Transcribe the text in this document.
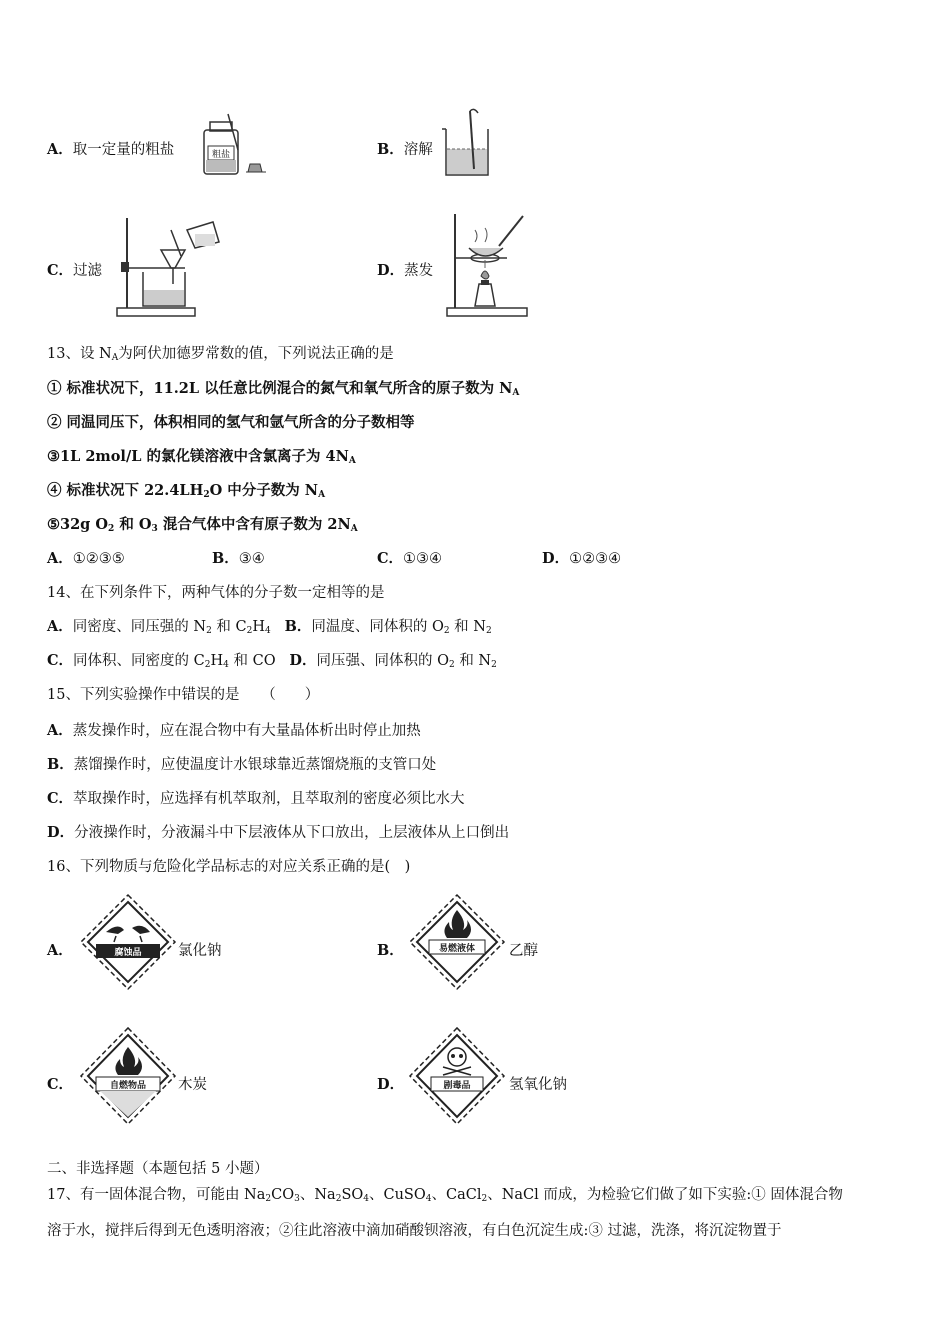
A．取一定量的粗盐	粗盐	B．溶解
C．过滤	D．蒸发
13、设 $N_A$为阿伏加德罗常数的值，下列说法正确的是
① 标准状况下，11.2L 以任意比例混合的氮气和氧气所含的原子数为 $N_A$
② 同温同压下，体积相同的氢气和氩气所含的分子数相等
③1L 2mol/L 的氯化镁溶液中含氯离子为 $4N_A$
④ 标准状况下 $22.4LH_2O$ 中分子数为 $N_A$
⑤32g $O_2$ 和 $O_3$ 混合气体中含有原子数为 $2N_A$
A．①②③⑤	B．③④	C．①③④	D．①②③④
14、在下列条件下，两种气体的分子数一定相等的是
A．同密度、同压强的 $N_2$ 和 $C_2H_4$ B．同温度、同体积的 $O_2$ 和 $N_2$
C．同体积、同密度的 $C_2H_4$ 和 CO D．同压强、同体积的 $O_2$ 和 $N_2$
15、下列实验操作中错误的是　　（　　）
A．蒸发操作时，应在混合物中有大量晶体析出时停止加热
B．蒸馏操作时，应使温度计水银球靠近蒸馏烧瓶的支管口处
C．萃取操作时，应选择有机萃取剂，且萃取剂的密度必须比水大
D．分液操作时，分液漏斗中下层液体从下口放出，上层液体从上口倒出
16、下列物质与危险化学品标志的对应关系正确的是(　)
A．	腐蚀品	氯化钠	B．	易燃液体 乙醇
C．	自燃物品 木炭	D．	剧毒品	氢氧化钠
二、非选择题（本题包括 5 小题）
17、有一固体混合物，可能由 $Na_2CO_3$、$Na_2SO_4$、CuSO$_4$、CaCl$_2$、NaCl 而成，为检验它们做了如下实验:① 固体混合物
溶于水，搅拌后得到无色透明溶液；②往此溶液中滴加硝酸钡溶液，有白色沉淀生成:③ 过滤，洗涤，将沉淀物置于
